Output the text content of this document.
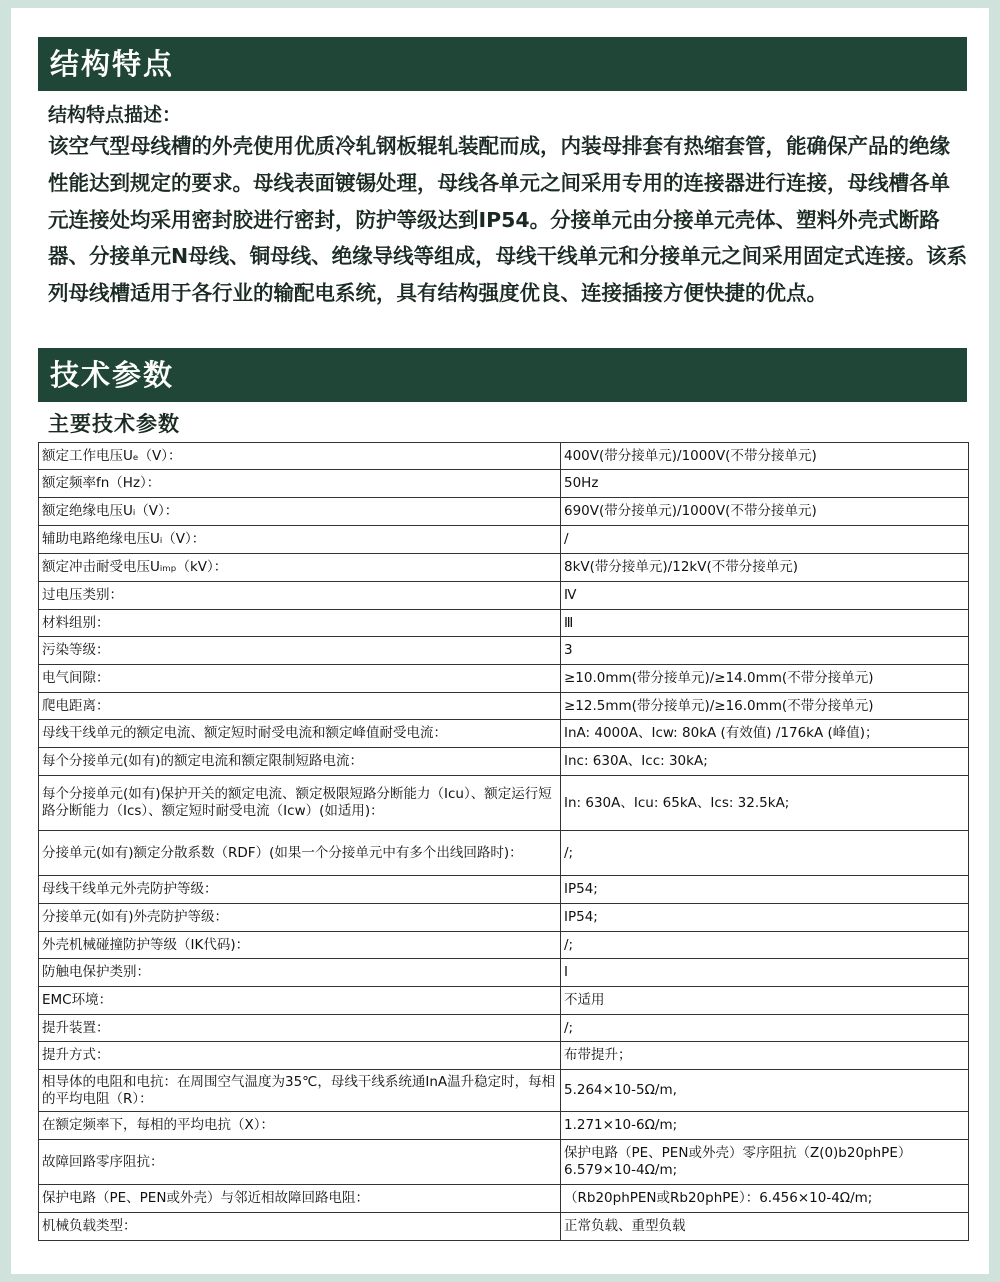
结构特点
结构特点描述：
该空气型母线槽的外壳使用优质冷轧钢板辊轧装配而成，内装母排套有热缩套管，能确保产品的绝缘性能达到规定的要求。母线表面镀锡处理，母线各单元之间采用专用的连接器进行连接，母线槽各单元连接处均采用密封胶进行密封，防护等级达到IP54。分接单元由分接单元壳体、塑料外壳式断路器、分接单元N母线、铜母线、绝缘导线等组成，母线干线单元和分接单元之间采用固定式连接。该系列母线槽适用于各行业的输配电系统，具有结构强度优良、连接插接方便快捷的优点。
技术参数
主要技术参数
额定工作电压Uₑ（V）：	400V(带分接单元)/1000V(不带分接单元)
额定频率fn（Hz）：	50Hz
额定绝缘电压Uᵢ（V）：	690V(带分接单元)/1000V(不带分接单元)
辅助电路绝缘电压Uᵢ（V）：	/
额定冲击耐受电压Uᵢₘₚ（kV）：	8kV(带分接单元)/12kV(不带分接单元)
过电压类别：	Ⅳ
材料组别：	Ⅲ
污染等级：	3
电气间隙：	≥10.0mm(带分接单元)/≥14.0mm(不带分接单元)
爬电距离：	≥12.5mm(带分接单元)/≥16.0mm(不带分接单元)
母线干线单元的额定电流、额定短时耐受电流和额定峰值耐受电流：	InA: 4000A、Icw: 80kA (有效值) /176kA (峰值)；
每个分接单元(如有)的额定电流和额定限制短路电流：	Inc: 630A、Icc: 30kA;
每个分接单元(如有)保护开关的额定电流、额定极限短路分断能力（Icu）、额定运行短路分断能力（Ics）、额定短时耐受电流（Icw）(如适用)：	In: 630A、Icu: 65kA、Ics: 32.5kA;
分接单元(如有)额定分散系数（RDF）(如果一个分接单元中有多个出线回路时)：	/;
母线干线单元外壳防护等级：	IP54;
分接单元(如有)外壳防护等级：	IP54;
外壳机械碰撞防护等级（IK代码)：	/;
防触电保护类别：	Ⅰ
EMC环境：	不适用
提升装置：	/;
提升方式：	布带提升；
相导体的电阻和电抗：在周围空气温度为35℃，母线干线系统通InA温升稳定时，每相的平均电阻（R）：	5.264×10-5Ω/m,
在额定频率下，每相的平均电抗（X）：	1.271×10-6Ω/m;
故障回路零序阻抗：	保护电路（PE、PEN或外壳）零序阻抗（Z(0)b20phPE）6.579×10-4Ω/m;
保护电路（PE、PEN或外壳）与邻近相故障回路电阻：	（Rb20phPEN或Rb20phPE）：6.456×10-4Ω/m;
机械负载类型：	正常负载、重型负载
